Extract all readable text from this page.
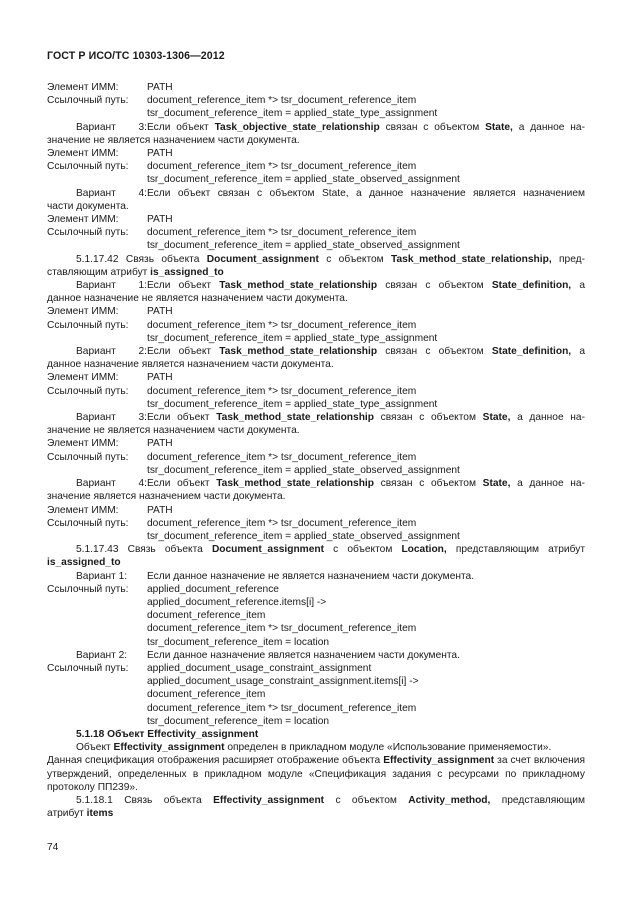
ГОСТ Р ИСО/ТС 10303-1306—2012
Элемент ИММ:	PATH
Ссылочный путь:	document_reference_item *> tsr_document_reference_item
tsr_document_reference_item = applied_state_type_assignment
Вариант 3:Если объект Task_objective_state_relationship связан с объектом State, а данное на-
значение не является назначением части документа.
Элемент ИММ:	PATH
Ссылочный путь:	document_reference_item *> tsr_document_reference_item
tsr_document_reference_item = applied_state_observed_assignment
Вариант 4:Если объект связан с объектом State, а данное назначение является назначением
части документа.
Элемент ИММ:	PATH
Ссылочный путь:	document_reference_item *> tsr_document_reference_item
tsr_document_reference_item = applied_state_observed_assignment
5.1.17.42 Связь объекта Document_assignment с объектом Task_method_state_relationship, пред-
ставляющим атрибут is_assigned_to
Вариант 1:Если объект Task_method_state_relationship связан с объектом State_definition, а
данное назначение не является назначением части документа.
Элемент ИММ:	PATH
Ссылочный путь:	document_reference_item *> tsr_document_reference_item
tsr_document_reference_item = applied_state_type_assignment
Вариант 2:Если объект Task_method_state_relationship связан с объектом State_definition, а
данное назначение является назначением части документа.
Элемент ИММ:	PATH
Ссылочный путь:	document_reference_item *> tsr_document_reference_item
tsr_document_reference_item = applied_state_type_assignment
Вариант 3:Если объект Task_method_state_relationship связан с объектом State, а данное на-
значение не является назначением части документа.
Элемент ИММ:	PATH
Ссылочный путь:	document_reference_item *> tsr_document_reference_item
tsr_document_reference_item = applied_state_observed_assignment
Вариант 4:Если объект Task_method_state_relationship связан с объектом State, а данное на-
значение является назначением части документа.
Элемент ИММ:	PATH
Ссылочный путь:	document_reference_item *> tsr_document_reference_item
tsr_document_reference_item = applied_state_observed_assignment
5.1.17.43 Связь объекта Document_assignment с объектом Location, представляющим атрибут
is_assigned_to
Вариант 1:	Если данное назначение не является назначением части документа.
Ссылочный путь:	applied_document_reference
applied_document_reference.items[i] ->
document_reference_item
document_reference_item *> tsr_document_reference_item
tsr_document_reference_item = location
Вариант 2:	Если данное назначение является назначением части документа.
Ссылочный путь:	applied_document_usage_constraint_assignment
applied_document_usage_constraint_assignment.items[i] ->
document_reference_item
document_reference_item *> tsr_document_reference_item
tsr_document_reference_item = location
5.1.18 Объект Effectivity_assignment
Объект Effectivity_assignment определен в прикладном модуле «Использование применяемости».
Данная спецификация отображения расширяет отображение объекта Effectivity_assignment за счет включения утверждений, определенных в прикладном модуле «Спецификация задания с ресурсами по прикладному протоколу ПП239».
5.1.18.1 Связь объекта Effectivity_assignment с объектом Activity_method, представляющим
атрибут items
74
